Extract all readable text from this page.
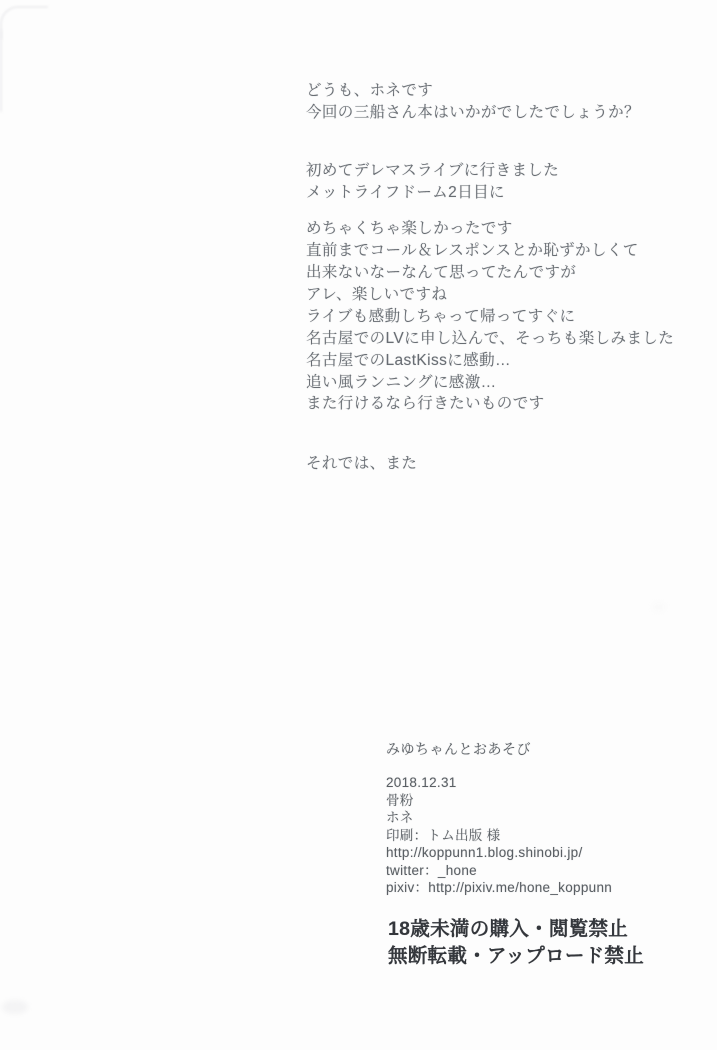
どうも、ホネです
今回の三船さん本はいかがでしたでしょうか？
初めてデレマスライブに行きました
メットライフドーム2日目に
めちゃくちゃ楽しかったです
直前までコール＆レスポンスとか恥ずかしくて
出来ないなーなんて思ってたんですが
アレ、楽しいですね
ライブも感動しちゃって帰ってすぐに
名古屋でのLVに申し込んで、そっちも楽しみました
名古屋でのLastKissに感動…
追い風ランニングに感激…
また行けるなら行きたいものです
それでは、また
みゆちゃんとおあそび
2018.12.31
骨粉
ホネ
印刷：トム出版 様
http://koppunn1.blog.shinobi.jp/
twitter：_hone
pixiv：http://pixiv.me/hone_koppunn
18歳未満の購入・閲覧禁止
無断転載・アップロード禁止
